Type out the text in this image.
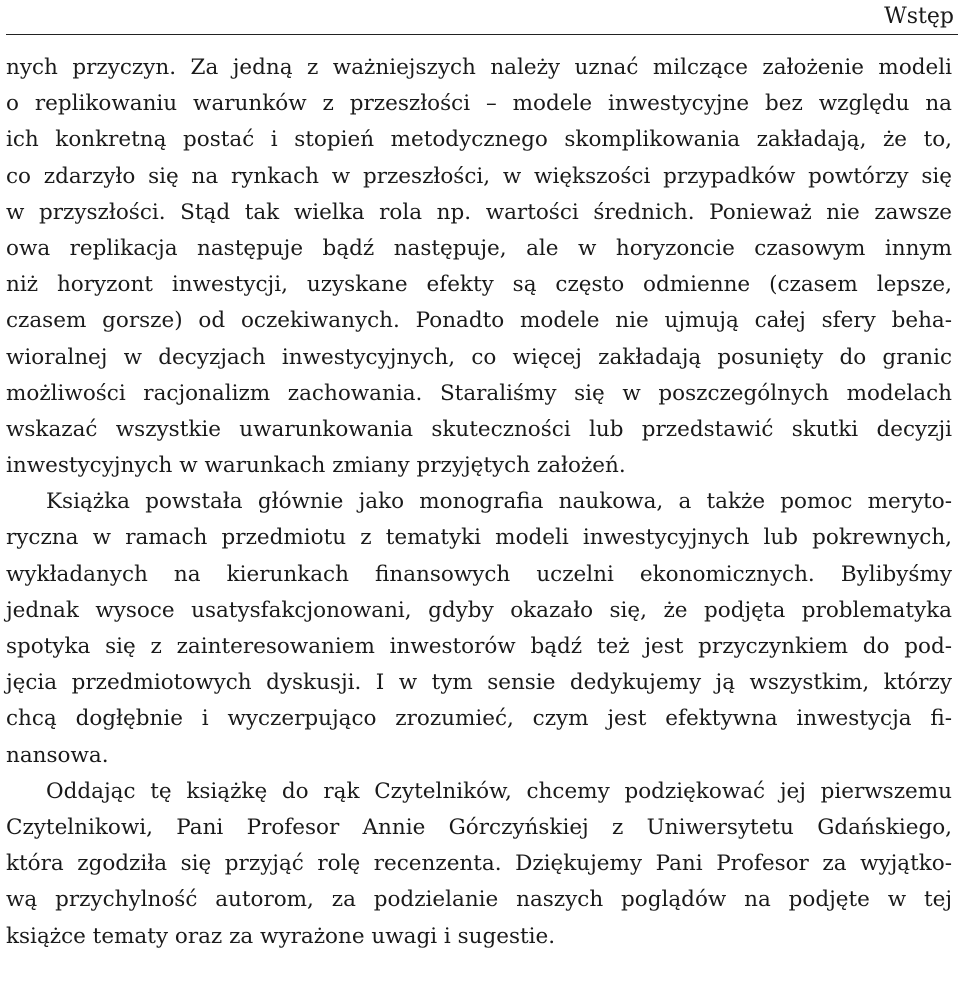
Wstęp
nych przyczyn. Za jedną z ważniejszych należy uznać milczące założenie modeli
o replikowaniu warunków z przeszłości – modele inwestycyjne bez względu na
ich konkretną postać i stopień metodycznego skomplikowania zakładają, że to,
co zdarzyło się na rynkach w przeszłości, w większości przypadków powtórzy się
w przyszłości. Stąd tak wielka rola np. wartości średnich. Ponieważ nie zawsze
owa replikacja następuje bądź następuje, ale w horyzoncie czasowym innym
niż horyzont inwestycji, uzyskane efekty są często odmienne (czasem lepsze,
czasem gorsze) od oczekiwanych. Ponadto modele nie ujmują całej sfery beha-
wioralnej w decyzjach inwestycyjnych, co więcej zakładają posunięty do granic
możliwości racjonalizm zachowania. Staraliśmy się w poszczególnych modelach
wskazać wszystkie uwarunkowania skuteczności lub przedstawić skutki decyzji
inwestycyjnych w warunkach zmiany przyjętych założeń.
Książka powstała głównie jako monografia naukowa, a także pomoc meryto-
ryczna w ramach przedmiotu z tematyki modeli inwestycyjnych lub pokrewnych,
wykładanych na kierunkach finansowych uczelni ekonomicznych. Bylibyśmy
jednak wysoce usatysfakcjonowani, gdyby okazało się, że podjęta problematyka
spotyka się z zainteresowaniem inwestorów bądź też jest przyczynkiem do pod-
jęcia przedmiotowych dyskusji. I w tym sensie dedykujemy ją wszystkim, którzy
chcą dogłębnie i wyczerpująco zrozumieć, czym jest efektywna inwestycja fi-
nansowa.
Oddając tę książkę do rąk Czytelników, chcemy podziękować jej pierwszemu
Czytelnikowi, Pani Profesor Annie Górczyńskiej z Uniwersytetu Gdańskiego,
która zgodziła się przyjąć rolę recenzenta. Dziękujemy Pani Profesor za wyjątko-
wą przychylność autorom, za podzielanie naszych poglądów na podjęte w tej
książce tematy oraz za wyrażone uwagi i sugestie.
